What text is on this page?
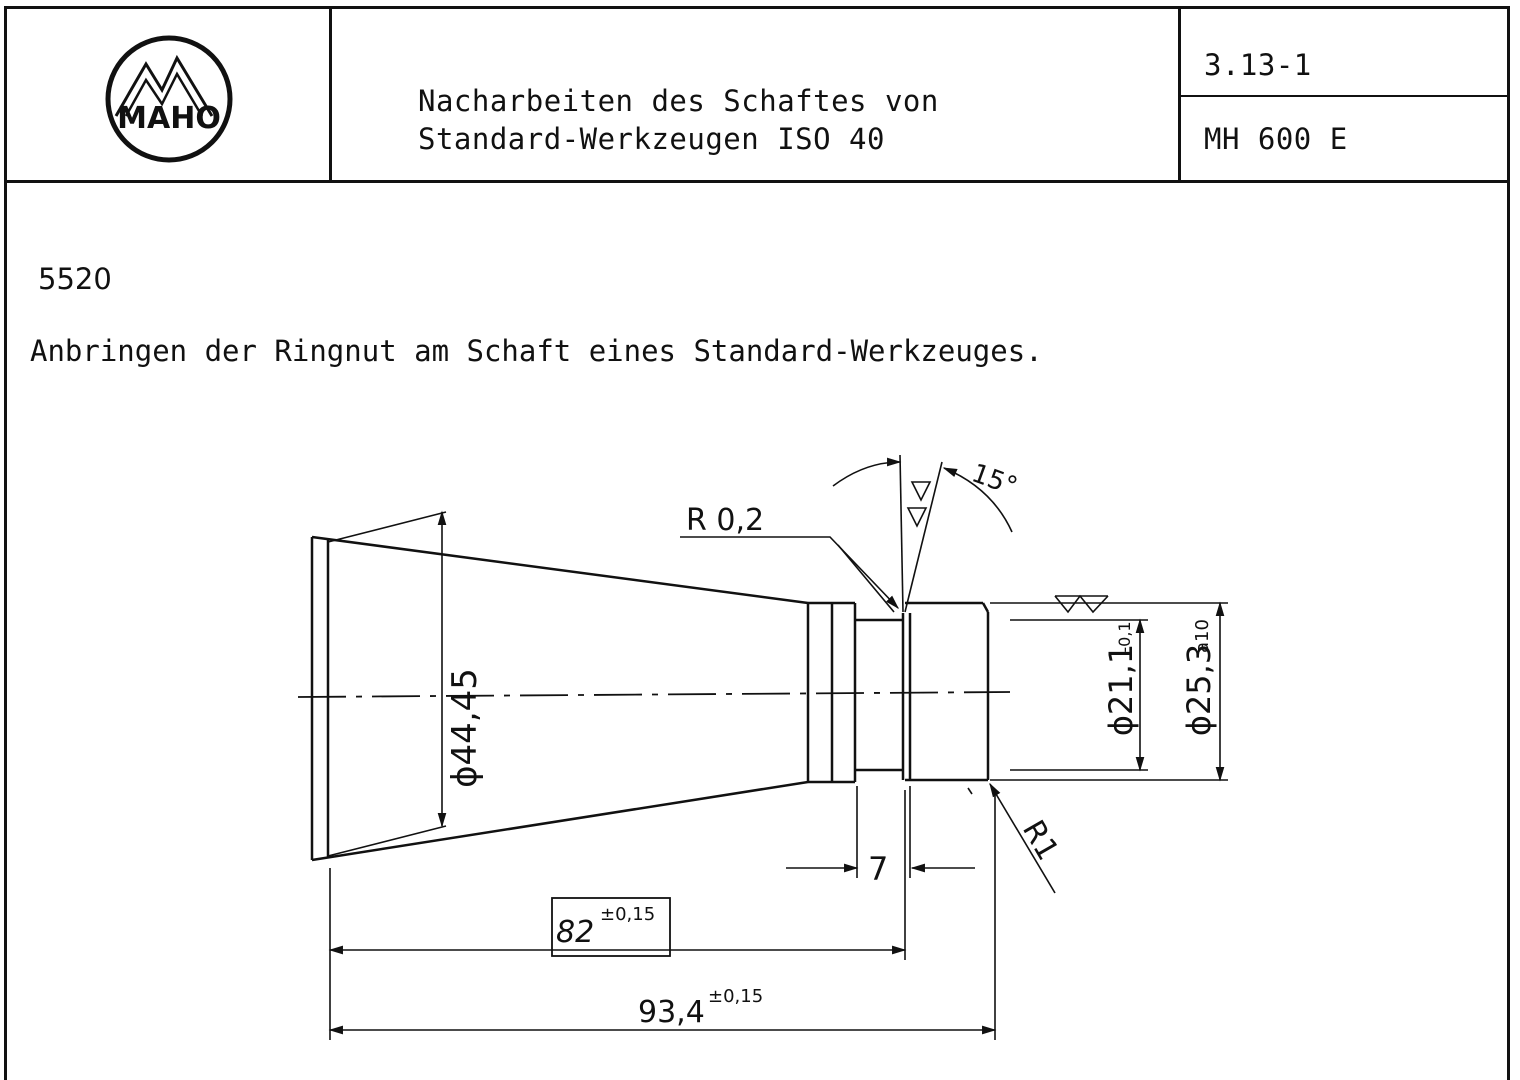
MAHO	Nacharbeiten des Schaftes von
Standard-Werkzeugen ISO 40
3.13-1
MH 600 E
5520
Anbringen der Ringnut am Schaft eines Standard-Werkzeuges.
ϕ44,45	ϕ21,1
-0,1
ϕ25,3
a10
R 0,2
15°
R1
7
82
±0,15
93,4 ±0,15
